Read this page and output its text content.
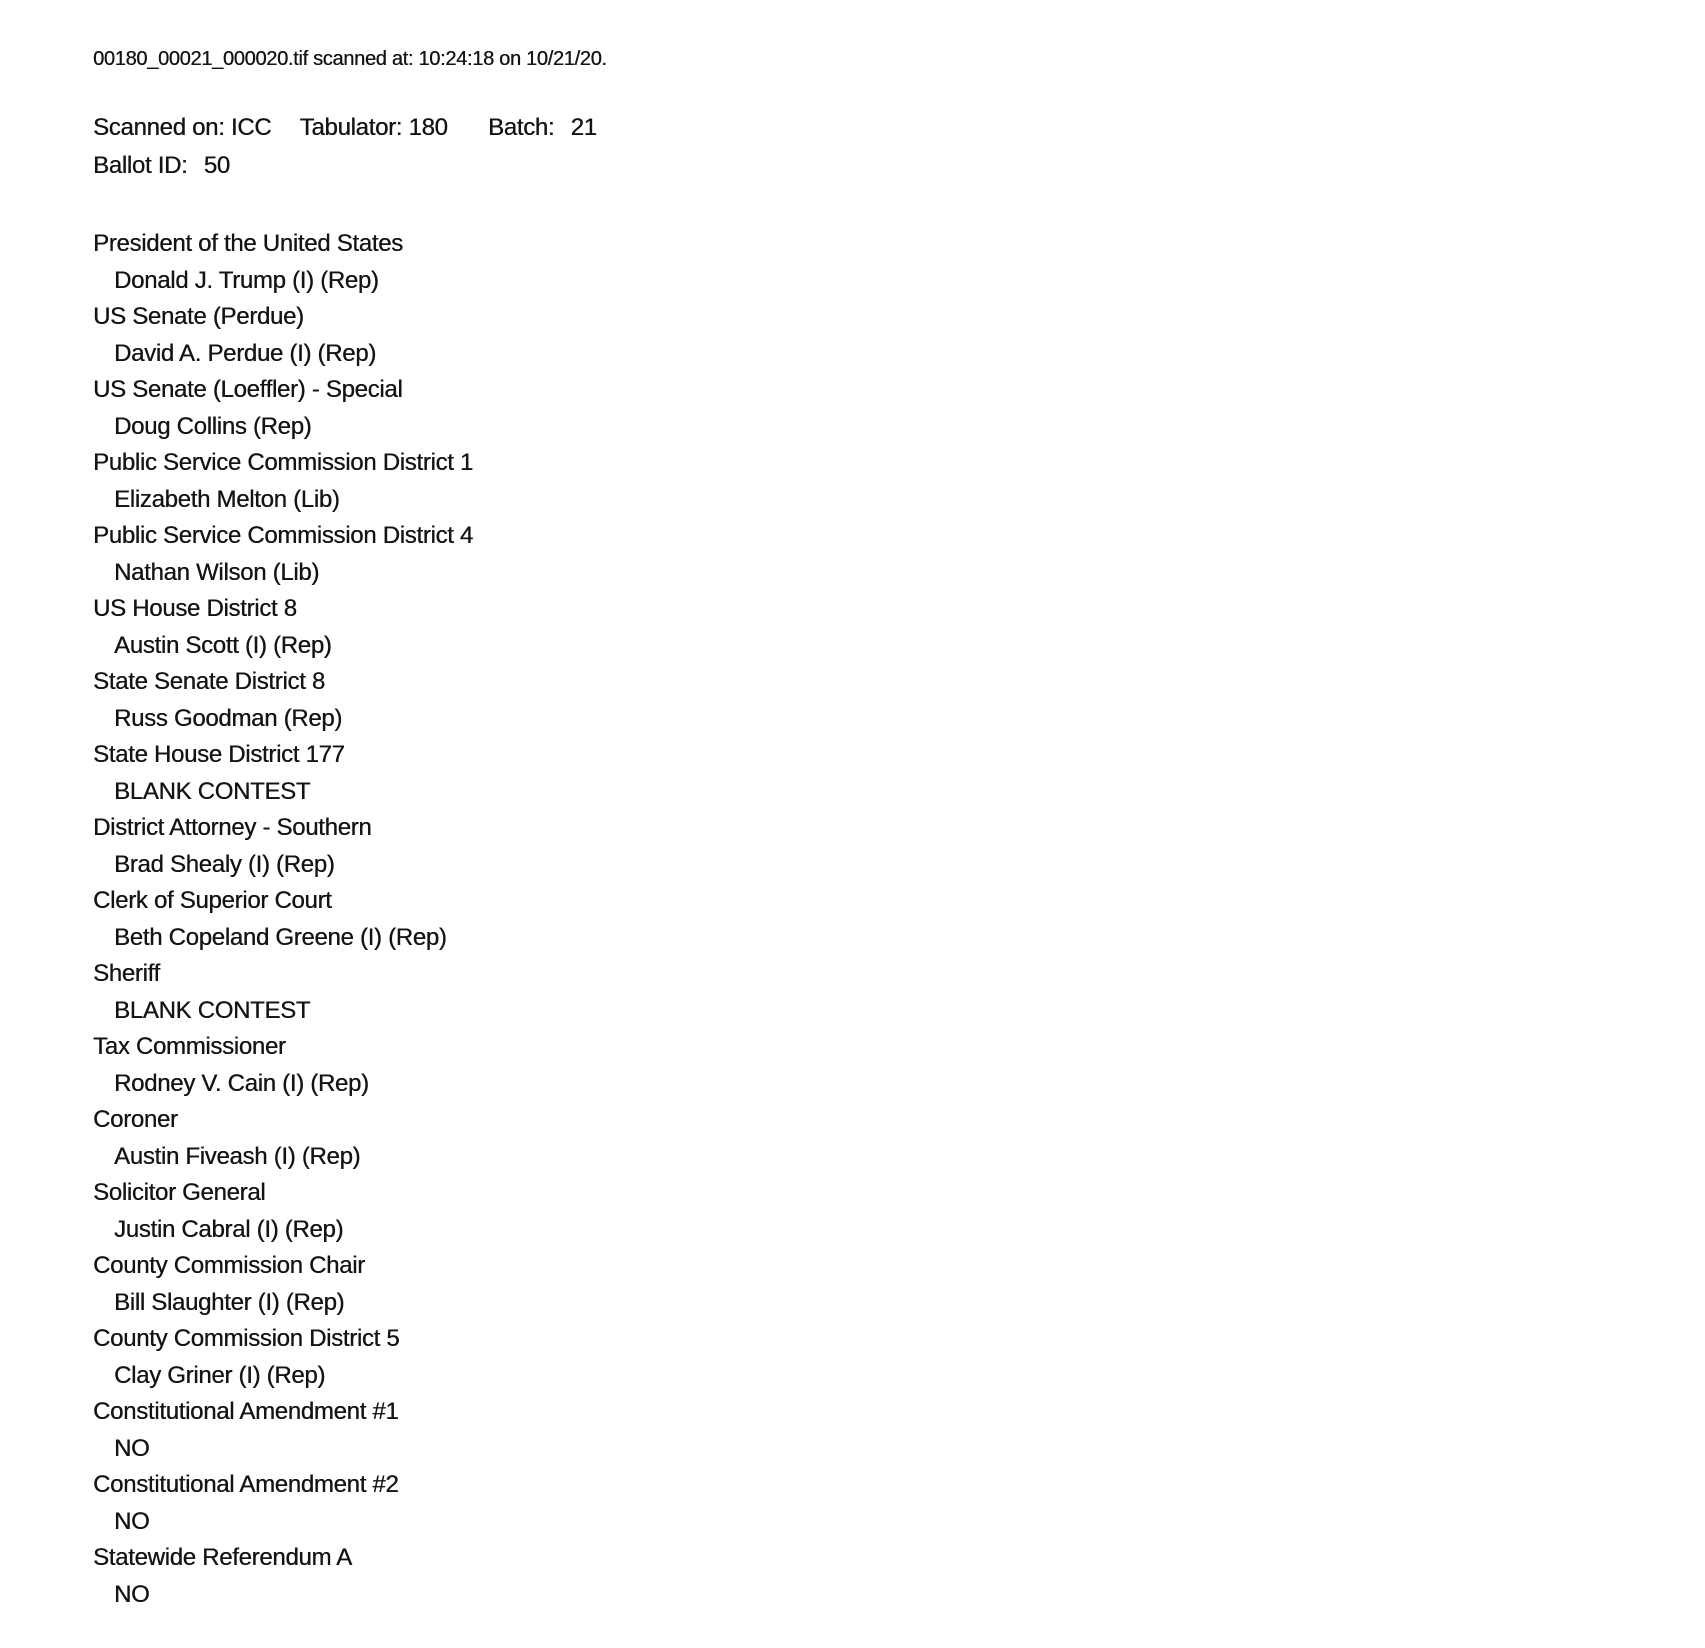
00180_00021_000020.tif scanned at: 10:24:18 on 10/21/20.
Scanned on: ICC Tabulator: 180 Batch: 21
Ballot ID: 50
President of the United States
Donald J. Trump (I) (Rep)
US Senate (Perdue)
David A. Perdue (I) (Rep)
US Senate (Loeffler) - Special
Doug Collins (Rep)
Public Service Commission District 1
Elizabeth Melton (Lib)
Public Service Commission District 4
Nathan Wilson (Lib)
US House District 8
Austin Scott (I) (Rep)
State Senate District 8
Russ Goodman (Rep)
State House District 177
BLANK CONTEST
District Attorney - Southern
Brad Shealy (I) (Rep)
Clerk of Superior Court
Beth Copeland Greene (I) (Rep)
Sheriff
BLANK CONTEST
Tax Commissioner
Rodney V. Cain (I) (Rep)
Coroner
Austin Fiveash (I) (Rep)
Solicitor General
Justin Cabral (I) (Rep)
County Commission Chair
Bill Slaughter (I) (Rep)
County Commission District 5
Clay Griner (I) (Rep)
Constitutional Amendment #1
NO
Constitutional Amendment #2
NO
Statewide Referendum A
NO
